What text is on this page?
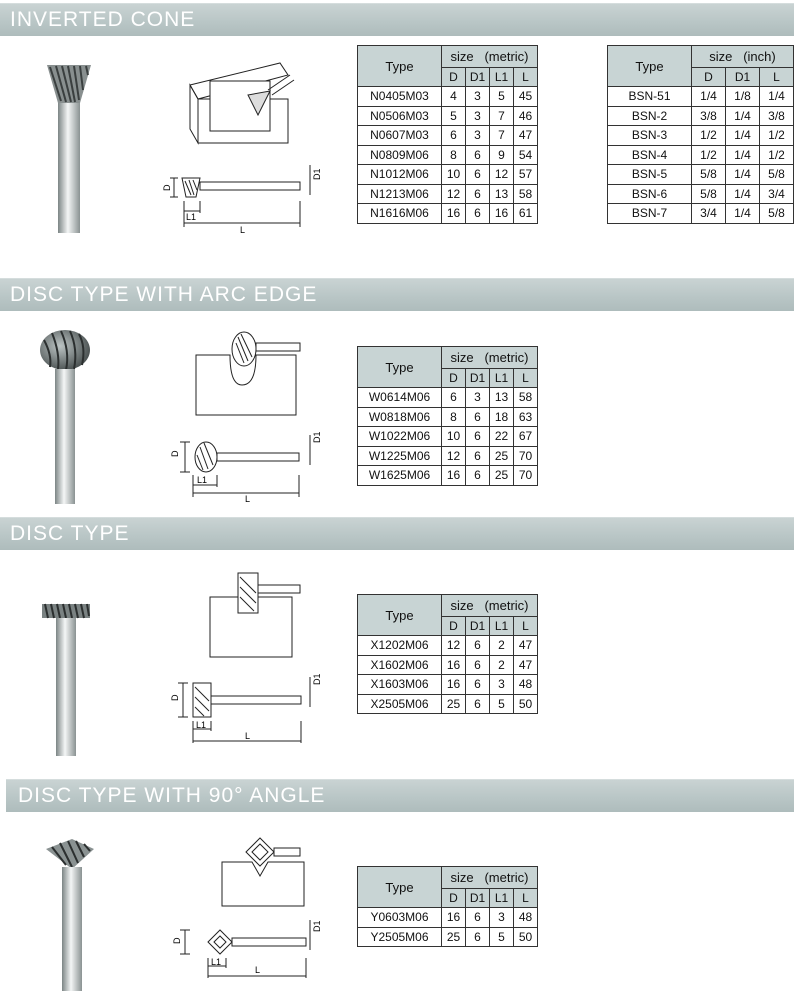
INVERTED CONE
D
D1
L1
L
Type	size (metric)			
	D	D1	L1	L
N0405M03	4	3	5	45
N0506M03	5	3	7	46
N0607M03	6	3	7	47
N0809M06	8	6	9	54
N1012M06	10	6	12	57
N1213M06	12	6	13	58
N1616M06	16	6	16	61
Type	size (inch)		
	D	D1	L
BSN-51	1/4	1/8	1/4
BSN-2	3/8	1/4	3/8
BSN-3	1/2	1/4	1/2
BSN-4	1/2	1/4	1/2
BSN-5	5/8	1/4	5/8
BSN-6	5/8	1/4	3/4
BSN-7	3/4	1/4	5/8
DISC TYPE WITH ARC EDGE
D
D1
L1
L
Type	size (metric)			
	D	D1	L1	L
W0614M06	6	3	13	58
W0818M06	8	6	18	63
W1022M06	10	6	22	67
W1225M06	12	6	25	70
W1625M06	16	6	25	70
DISC TYPE
D
D1
L1
L
Type	size (metric)			
	D	D1	L1	L
X1202M06	12	6	2	47
X1602M06	16	6	2	47
X1603M06	16	6	3	48
X2505M06	25	6	5	50
DISC TYPE WITH 90° ANGLE
D
D1
L1
L
Type	size (metric)			
	D	D1	L1	L
Y0603M06	16	6	3	48
Y2505M06	25	6	5	50
